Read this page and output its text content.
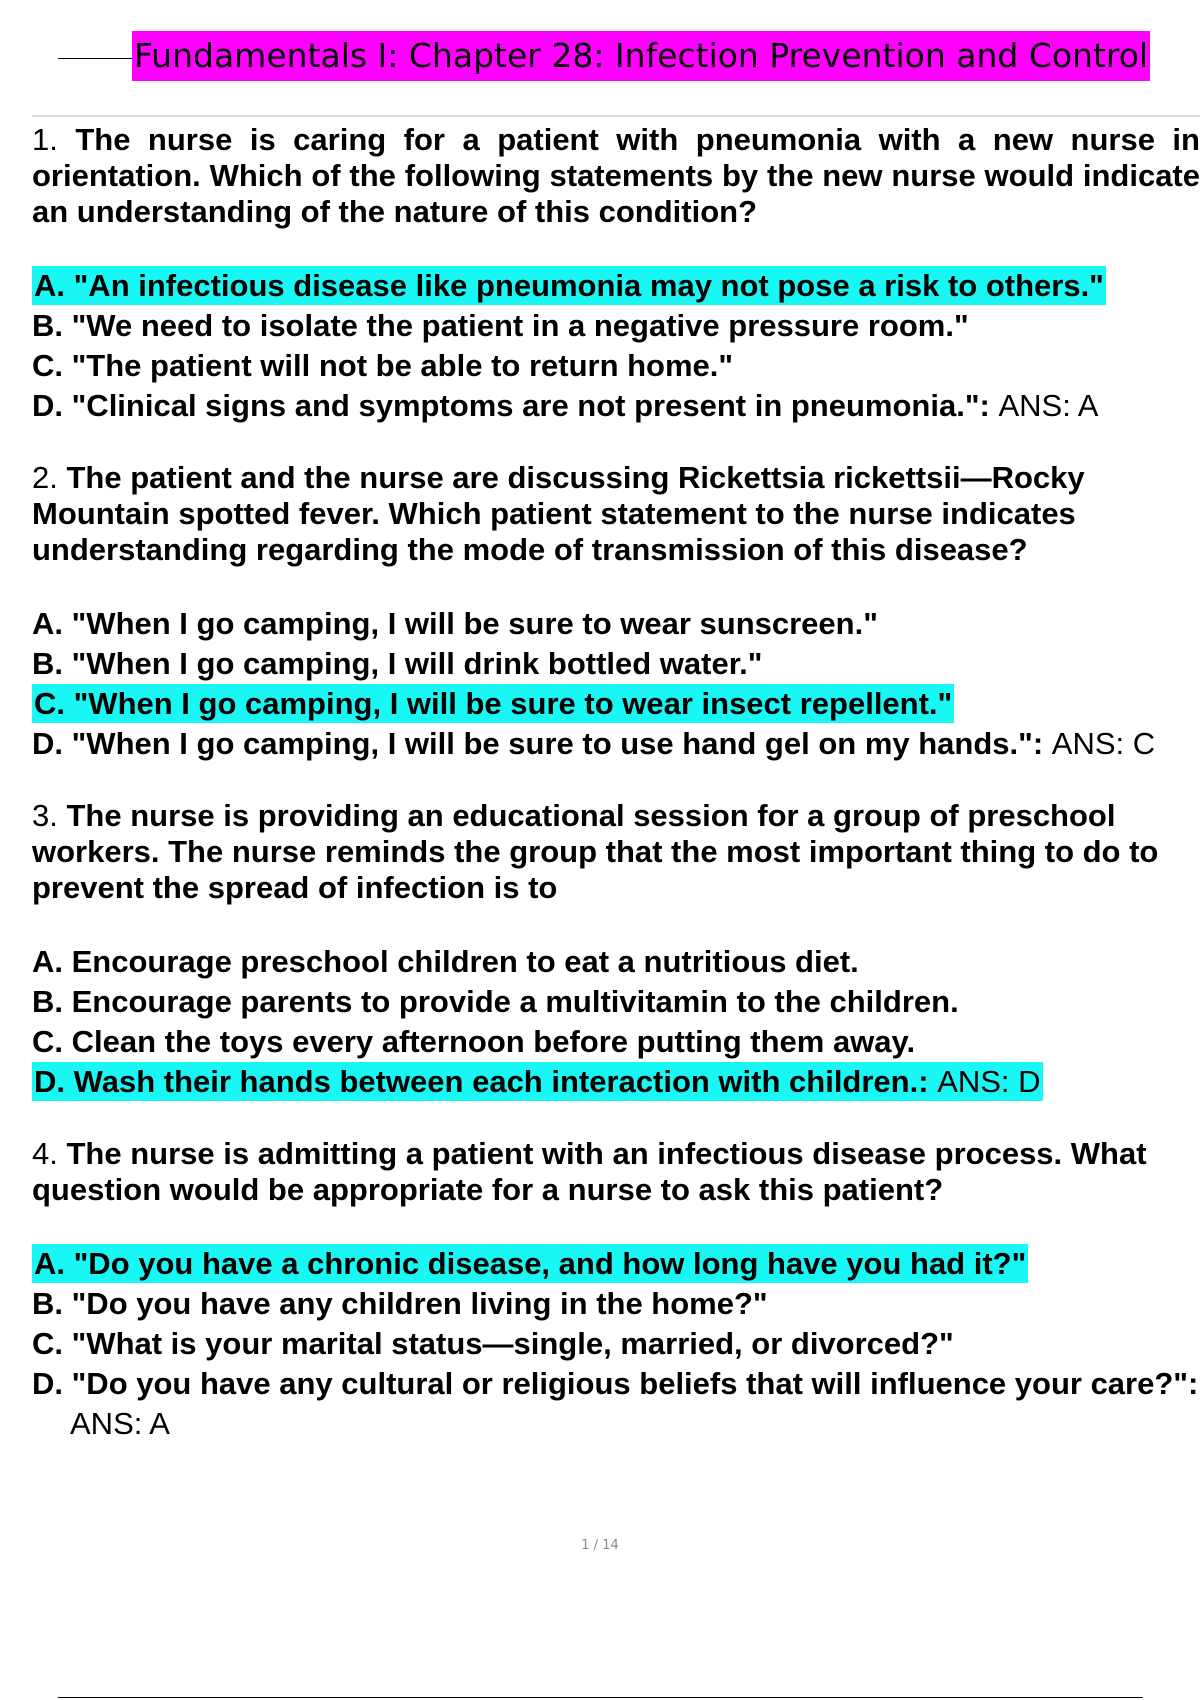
Fundamentals I: Chapter 28: Infection Prevention and Control
1. The nurse is caring for a patient with pneumonia with a new nurse in orientation. Which of the following statements by the new nurse would indicate an understanding of the nature of this condition?
A. "An infectious disease like pneumonia may not pose a risk to others."
B. "We need to isolate the patient in a negative pressure room."
C. "The patient will not be able to return home."
D. "Clinical signs and symptoms are not present in pneumonia.": ANS: A
2. The patient and the nurse are discussing Rickettsia rickettsii—Rocky Mountain spotted fever. Which patient statement to the nurse indicates understanding regarding the mode of transmission of this disease?
A. "When I go camping, I will be sure to wear sunscreen."
B. "When I go camping, I will drink bottled water."
C. "When I go camping, I will be sure to wear insect repellent."
D. "When I go camping, I will be sure to use hand gel on my hands.": ANS: C
3. The nurse is providing an educational session for a group of preschool workers. The nurse reminds the group that the most important thing to do to prevent the spread of infection is to
A. Encourage preschool children to eat a nutritious diet.
B. Encourage parents to provide a multivitamin to the children.
C. Clean the toys every afternoon before putting them away.
D. Wash their hands between each interaction with children.: ANS: D
4. The nurse is admitting a patient with an infectious disease process. What question would be appropriate for a nurse to ask this patient?
A. "Do you have a chronic disease, and how long have you had it?"
B. "Do you have any children living in the home?"
C. "What is your marital status—single, married, or divorced?"
D. "Do you have any cultural or religious beliefs that will influence your care?": ANS: A
1 / 14
